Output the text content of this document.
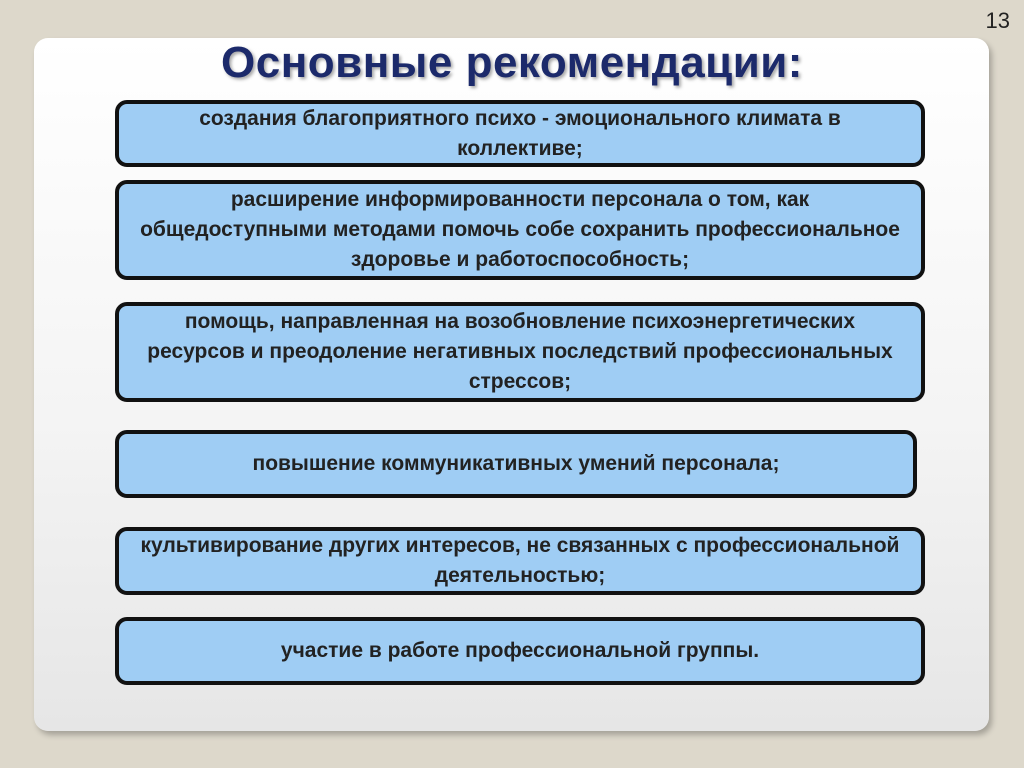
13
Основные рекомендации:
создания благоприятного психо - эмоционального климата в коллективе;
расширение информированности персонала о том, как общедоступными методами помочь собе сохранить профессиональное здоровье и работоспособность;
помощь, направленная на возобновление психоэнергетических ресурсов и преодоление негативных последствий профессиональных стрессов;
повышение коммуникативных умений персонала;
культивирование других интересов, не связанных с профессиональной деятельностью;
участие в работе профессиональной группы.
